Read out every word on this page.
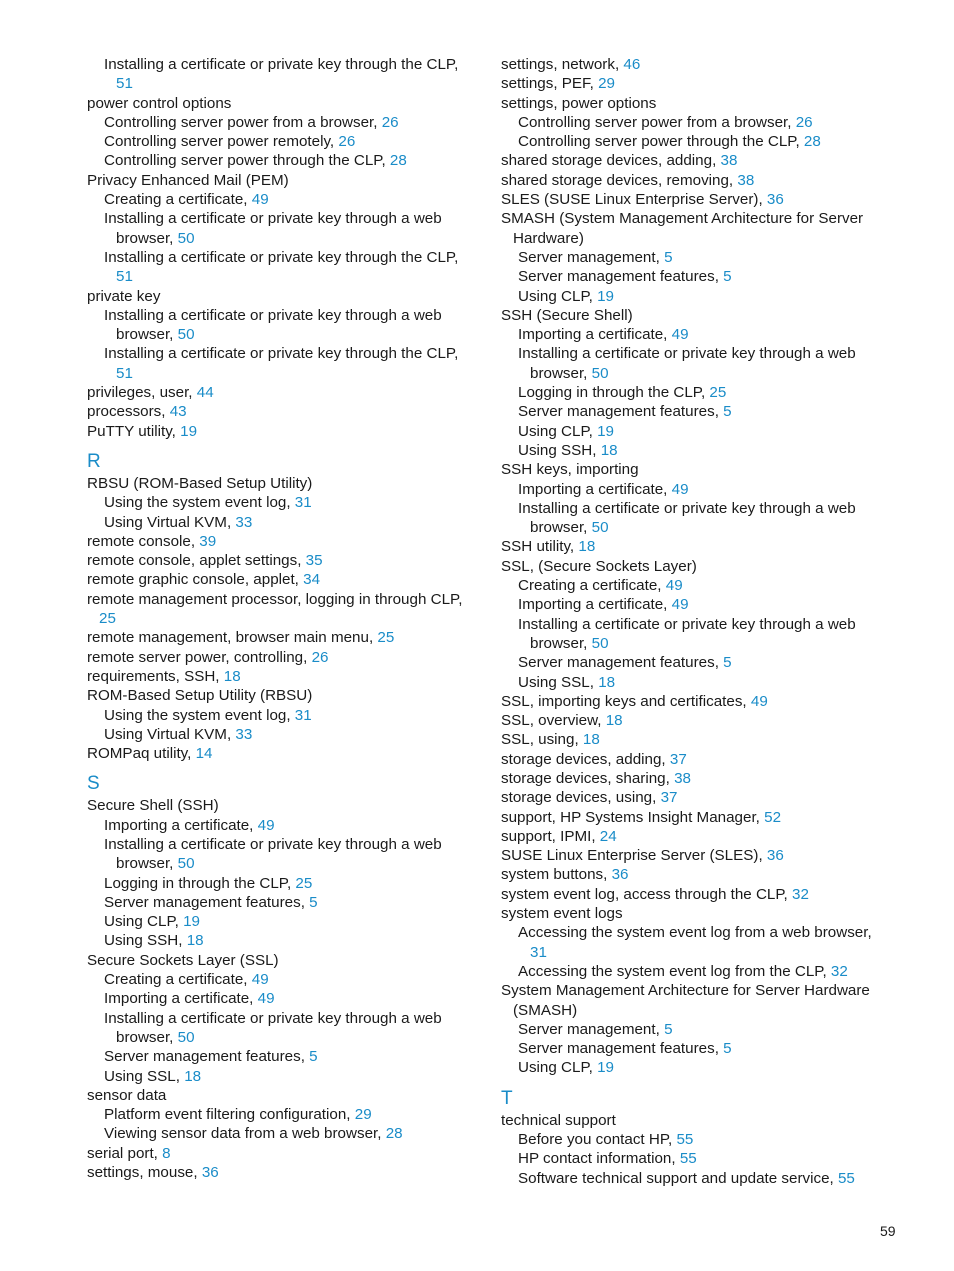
Installing a certificate or private key through the CLP, 51
power control options
Controlling server power from a browser, 26
Controlling server power remotely, 26
Controlling server power through the CLP, 28
Privacy Enhanced Mail (PEM)
Creating a certificate, 49
Installing a certificate or private key through a web browser, 50
Installing a certificate or private key through the CLP, 51
private key
Installing a certificate or private key through a web browser, 50
Installing a certificate or private key through the CLP, 51
privileges, user, 44
processors, 43
PuTTY utility, 19
R
RBSU (ROM-Based Setup Utility)
Using the system event log, 31
Using Virtual KVM, 33
remote console, 39
remote console, applet settings, 35
remote graphic console, applet, 34
remote management processor, logging in through CLP, 25
remote management, browser main menu, 25
remote server power, controlling, 26
requirements, SSH, 18
ROM-Based Setup Utility (RBSU)
Using the system event log, 31
Using Virtual KVM, 33
ROMPaq utility, 14
S
Secure Shell (SSH)
Importing a certificate, 49
Installing a certificate or private key through a web browser, 50
Logging in through the CLP, 25
Server management features, 5
Using CLP, 19
Using SSH, 18
Secure Sockets Layer (SSL)
Creating a certificate, 49
Importing a certificate, 49
Installing a certificate or private key through a web browser, 50
Server management features, 5
Using SSL, 18
sensor data
Platform event filtering configuration, 29
Viewing sensor data from a web browser, 28
serial port, 8
settings, mouse, 36
settings, network, 46
settings, PEF, 29
settings, power options
Controlling server power from a browser, 26
Controlling server power through the CLP, 28
shared storage devices, adding, 38
shared storage devices, removing, 38
SLES (SUSE Linux Enterprise Server), 36
SMASH (System Management Architecture for Server Hardware)
Server management, 5
Server management features, 5
Using CLP, 19
SSH (Secure Shell)
Importing a certificate, 49
Installing a certificate or private key through a web browser, 50
Logging in through the CLP, 25
Server management features, 5
Using CLP, 19
Using SSH, 18
SSH keys, importing
Importing a certificate, 49
Installing a certificate or private key through a web browser, 50
SSH utility, 18
SSL, (Secure Sockets Layer)
Creating a certificate, 49
Importing a certificate, 49
Installing a certificate or private key through a web browser, 50
Server management features, 5
Using SSL, 18
SSL, importing keys and certificates, 49
SSL, overview, 18
SSL, using, 18
storage devices, adding, 37
storage devices, sharing, 38
storage devices, using, 37
support, HP Systems Insight Manager, 52
support, IPMI, 24
SUSE Linux Enterprise Server (SLES), 36
system buttons, 36
system event log, access through the CLP, 32
system event logs
Accessing the system event log from a web browser, 31
Accessing the system event log from the CLP, 32
System Management Architecture for Server Hardware (SMASH)
Server management, 5
Server management features, 5
Using CLP, 19
T
technical support
Before you contact HP, 55
HP contact information, 55
Software technical support and update service, 55
59
